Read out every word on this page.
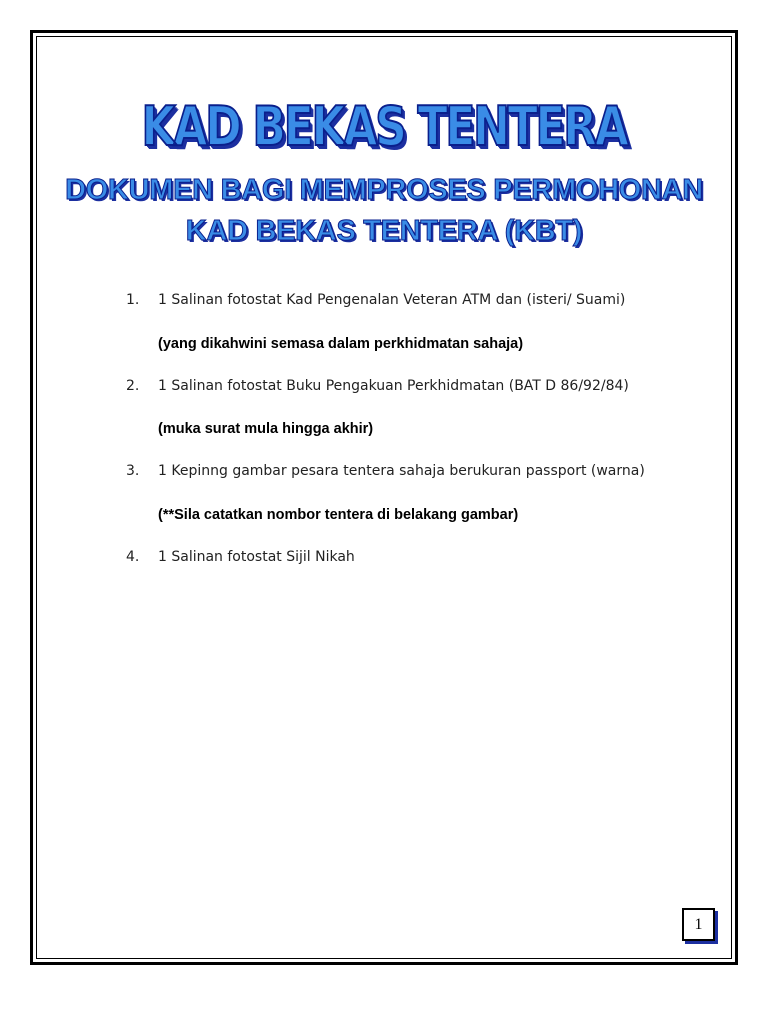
KAD BEKAS TENTERA
DOKUMEN BAGI MEMPROSES PERMOHONAN
KAD BEKAS TENTERA (KBT)
1. 1 Salinan fotostat Kad Pengenalan Veteran ATM dan (isteri/ Suami)
(yang dikahwini semasa dalam perkhidmatan sahaja)
2. 1 Salinan fotostat Buku Pengakuan Perkhidmatan (BAT D 86/92/84)
(muka surat mula hingga akhir)
3. 1 Kepinng gambar pesara tentera sahaja berukuran passport (warna)
(**Sila catatkan nombor tentera di belakang gambar)
4. 1 Salinan fotostat Sijil Nikah
1
